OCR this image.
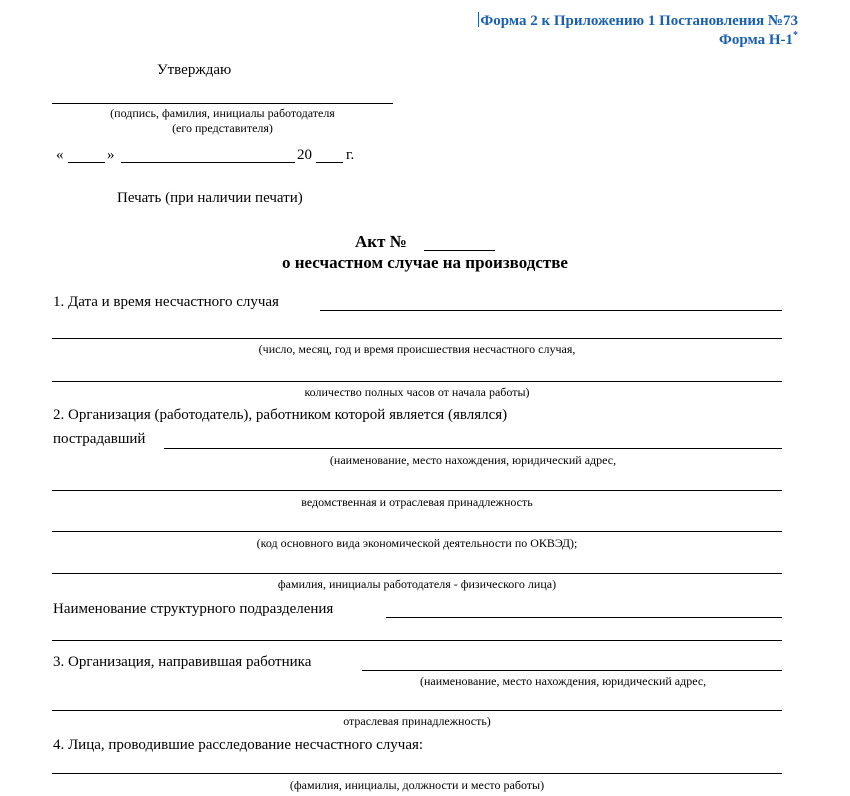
Форма 2 к Приложению 1 Постановления №73
Форма Н-1*
Утверждаю
(подпись, фамилия, инициалы работодателя
(его представителя)
«	»	20 г.
Печать (при наличии печати)
Акт №
о несчастном случае на производстве
1. Дата и время несчастного случая
(число, месяц, год и время происшествия несчастного случая,
количество полных часов от начала работы)
2. Организация (работодатель), работником которой является (являлся)
пострадавший
(наименование, место нахождения, юридический адрес,
ведомственная и отраслевая принадлежность
(код основного вида экономической деятельности по ОКВЭД);
фамилия, инициалы работодателя - физического лица)
Наименование структурного подразделения
3. Организация, направившая работника
(наименование, место нахождения, юридический адрес,
отраслевая принадлежность)
4. Лица, проводившие расследование несчастного случая:
(фамилия, инициалы, должности и место работы)
